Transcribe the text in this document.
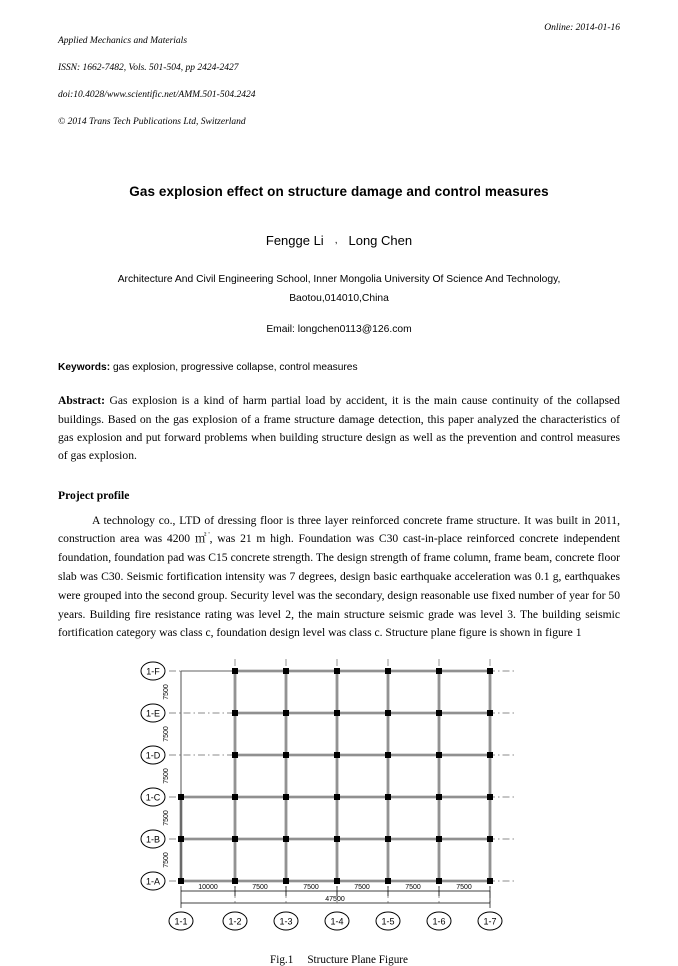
Applied Mechanics and Materials

ISSN: 1662-7482, Vols. 501-504, pp 2424-2427

doi:10.4028/www.scientific.net/AMM.501-504.2424

© 2014 Trans Tech Publications Ltd, Switzerland

Online: 2014-01-16
Gas explosion effect on structure damage and control measures
Fengge Li , Long Chen
Architecture And Civil Engineering School, Inner Mongolia University Of Science And Technology,
Baotou,014010,China
Email: longchen0113@126.com
Keywords: gas explosion, progressive collapse, control measures
Abstract: Gas explosion is a kind of harm partial load by accident, it is the main cause continuity of the collapsed buildings. Based on the gas explosion of a frame structure damage detection, this paper analyzed the characteristics of gas explosion and put forward problems when building structure design as well as the prevention and control measures of gas explosion.
Project profile
A technology co., LTD of dressing floor is three layer reinforced concrete frame structure. It was built in 2011, construction area was 4200 ㎡', was 21 m high. Foundation was C30 cast-in-place reinforced concrete independent foundation, foundation pad was C15 concrete strength. The design strength of frame column, frame beam, concrete floor slab was C30. Seismic fortification intensity was 7 degrees, design basic earthquake acceleration was 0.1 g, earthquakes were grouped into the second group. Security level was the secondary, design reasonable use fixed number of year for 50 years. Building fire resistance rating was level 2, the main structure seismic grade was level 3. The building seismic fortification category was class c, foundation design level was class c. Structure plane figure is shown in figure 1
1-F
1-E
1-D
1-C
1-B
1-A
7500
7500
7500
7500
7500
10000	7500	7500	7500	7500	7500
47500
1-1	1-2	1-3	1-4	1-5	1-6	1-7
Fig.1 Structure Plane Figure
